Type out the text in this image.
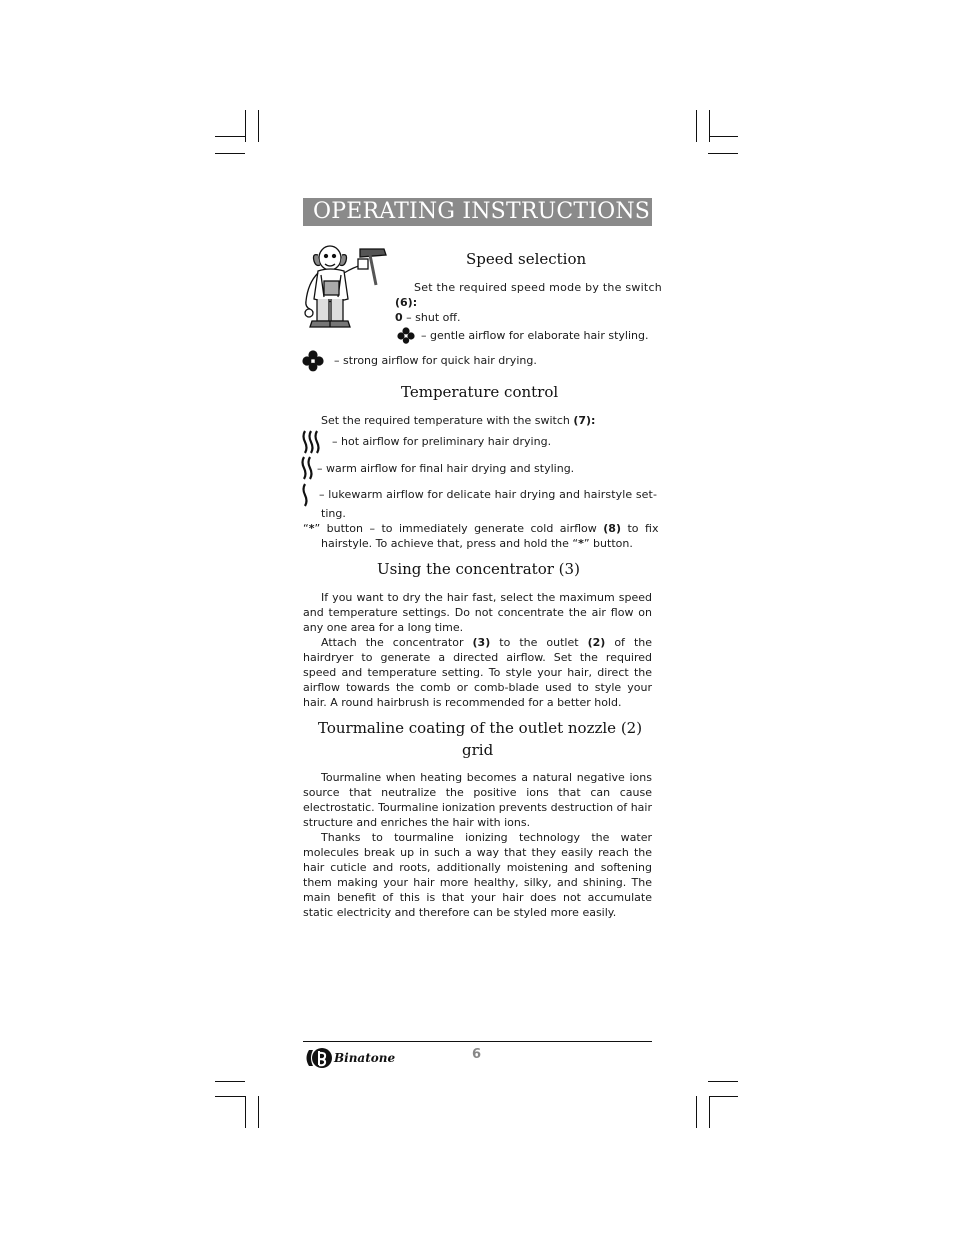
OPERATING INSTRUCTIONS
Speed selection
Set the required speed mode by the switch
(6):
0 – shut off.
– gentle airflow for elaborate hair styling.
– strong airflow for quick hair drying.
Temperature control
Set the required temperature with the switch (7):
– hot airflow for preliminary hair drying.
– warm airflow for final hair drying and styling.
– lukewarm airflow for delicate hair drying and hairstyle set-
ting.
“*” button – to immediately generate cold airflow (8) to fix
hairstyle. To achieve that, press and hold the “*” button.
Using the concentrator (3)

If you want to dry the hair fast, select the maximum speed and temperature settings. Do not concentrate the air flow on any one area for a long time.

Attach the concentrator (3) to the outlet (2) of the hairdryer to generate a directed airflow. Set the required speed and temperature setting. To style your hair, direct the airflow towards the comb or comb-blade used to style your hair. A round hairbrush is recommended for a better hold.

Tourmaline coating of the outlet nozzle (2)
grid

Tourmaline when heating becomes a natural negative ions source that neutralize the positive ions that can cause electrostatic. Tourmaline ionization prevents destruction of hair structure and enriches the hair with ions.

Thanks to tourmaline ionizing technology the water molecules break up in such a way that they easily reach the hair cuticle and roots, additionally moistening and softening them making your hair more healthy, silky, and shining. The main benefit of this is that your hair does not accumulate static electricity and therefore can be styled more easily.

Binatone	6
